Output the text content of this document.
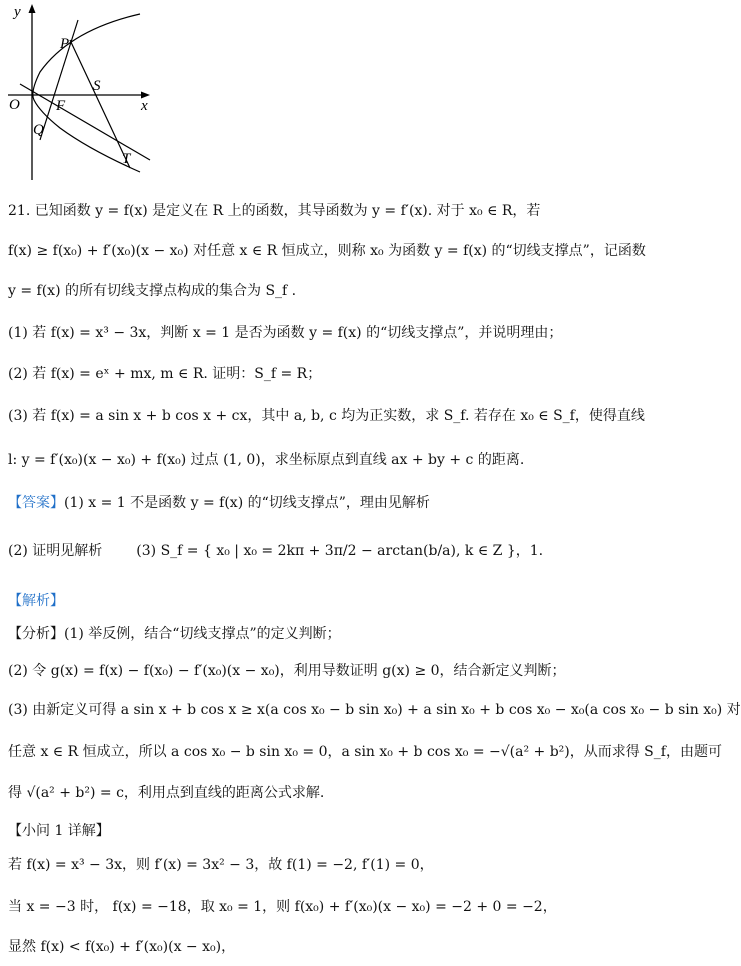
y
x
O
P
S
F
Q
T
21. 已知函数 y = f(x) 是定义在 R 上的函数，其导函数为 y = f′(x). 对于 x₀ ∈ R，若
f(x) ≥ f(x₀) + f′(x₀)(x − x₀) 对任意 x ∈ R 恒成立，则称 x₀ 为函数 y = f(x) 的“切线支撑点”，记函数
y = f(x) 的所有切线支撑点构成的集合为 S_f .
(1) 若 f(x) = x³ − 3x，判断 x = 1 是否为函数 y = f(x) 的“切线支撑点”，并说明理由；
(2) 若 f(x) = eˣ + mx, m ∈ R. 证明：S_f = R；
(3) 若 f(x) = a sin x + b cos x + cx，其中 a, b, c 均为正实数，求 S_f. 若存在 x₀ ∈ S_f，使得直线
l: y = f′(x₀)(x − x₀) + f(x₀) 过点 (1, 0)，求坐标原点到直线 ax + by + c 的距离.
【答案】(1) x = 1 不是函数 y = f(x) 的“切线支撑点”，理由见解析
(2) 证明见解析 (3) S_f = { x₀ | x₀ = 2kπ + 3π/2 − arctan(b/a), k ∈ Z }，1.
【解析】
【分析】(1) 举反例，结合“切线支撑点”的定义判断；
(2) 令 g(x) = f(x) − f(x₀) − f′(x₀)(x − x₀)，利用导数证明 g(x) ≥ 0，结合新定义判断；
(3) 由新定义可得 a sin x + b cos x ≥ x(a cos x₀ − b sin x₀) + a sin x₀ + b cos x₀ − x₀(a cos x₀ − b sin x₀) 对
任意 x ∈ R 恒成立，所以 a cos x₀ − b sin x₀ = 0，a sin x₀ + b cos x₀ = −√(a² + b²)，从而求得 S_f，由题可
得 √(a² + b²) = c，利用点到直线的距离公式求解.
【小问 1 详解】
若 f(x) = x³ − 3x，则 f′(x) = 3x² − 3，故 f(1) = −2, f′(1) = 0，
当 x = −3 时， f(x) = −18，取 x₀ = 1，则 f(x₀) + f′(x₀)(x − x₀) = −2 + 0 = −2，
显然 f(x) < f(x₀) + f′(x₀)(x − x₀)，
